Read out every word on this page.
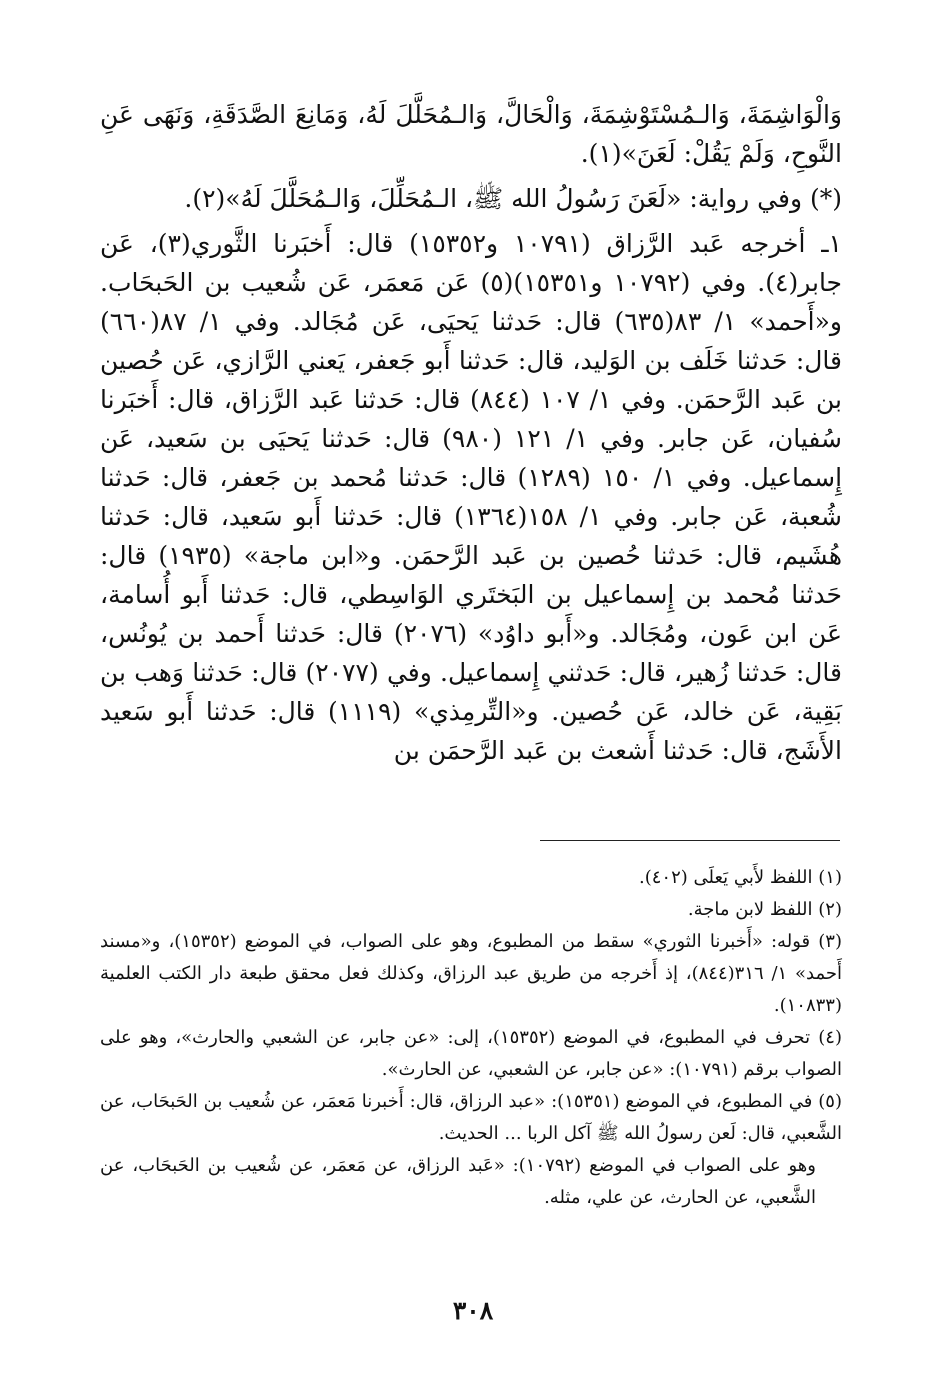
وَالْوَاشِمَةَ، وَالـمُسْتَوْشِمَةَ، وَالْحَالَّ، وَالـمُحَلَّلَ لَهُ، وَمَانِعَ الصَّدَقَةِ، وَنَهَى عَنِ النَّوحِ، وَلَمْ يَقُلْ: لَعَنَ»(١).

(*) وفي رواية: «لَعَنَ رَسُولُ الله ﷺ، الـمُحَلِّلَ، وَالـمُحَلَّلَ لَهُ»(٢).

١ـ أخرجه عَبد الرَّزاق (١٠٧٩١ و١٥٣٥٢) قال: أَخبَرنا الثَّوري(٣)، عَن جابر(٤). وفي (١٠٧٩٢ و١٥٣٥١)(٥) عَن مَعمَر، عَن شُعيب بن الحَبحَاب. و«أَحمد» ١/ ٨٣(٦٣٥) قال: حَدثنا يَحيَى، عَن مُجَالد. وفي ١/ ٨٧(٦٦٠) قال: حَدثنا خَلَف بن الوَليد، قال: حَدثنا أَبو جَعفر، يَعني الرَّازي، عَن حُصين بن عَبد الرَّحمَن. وفي ١/ ١٠٧ (٨٤٤) قال: حَدثنا عَبد الرَّزاق، قال: أَخبَرنا سُفيان، عَن جابر. وفي ١/ ١٢١ (٩٨٠) قال: حَدثنا يَحيَى بن سَعيد، عَن إِسماعيل. وفي ١/ ١٥٠ (١٢٨٩) قال: حَدثنا مُحمد بن جَعفر، قال: حَدثنا شُعبة، عَن جابر. وفي ١/ ١٥٨(١٣٦٤) قال: حَدثنا أَبو سَعيد، قال: حَدثنا هُشَيم، قال: حَدثنا حُصين بن عَبد الرَّحمَن. و«ابن ماجة» (١٩٣٥) قال: حَدثنا مُحمد بن إِسماعيل بن البَختَري الوَاسِطي، قال: حَدثنا أَبو أُسامة، عَن ابن عَون، ومُجَالد. و«أَبو داوُد» (٢٠٧٦) قال: حَدثنا أَحمد بن يُونُس، قال: حَدثنا زُهير، قال: حَدثني إِسماعيل. وفي (٢٠٧٧) قال: حَدثنا وَهب بن بَقِية، عَن خالد، عَن حُصين. و«التِّرمِذي» (١١١٩) قال: حَدثنا أَبو سَعيد الأَشَج، قال: حَدثنا أَشعث بن عَبد الرَّحمَن بن

(١) اللفظ لأَبي يَعلَى (٤٠٢).

(٢) اللفظ لابن ماجة.

(٣) قوله: «أَخبرنا الثوري» سقط من المطبوع، وهو على الصواب، في الموضع (١٥٣٥٢)، و«مسند أَحمد» ١/ ٣١٦(٨٤٤)، إذ أَخرجه من طريق عبد الرزاق، وكذلك فعل محقق طبعة دار الكتب العلمية (١٠٨٣٣).

(٤) تحرف في المطبوع، في الموضع (١٥٣٥٢)، إلى: «عن جابر، عن الشعبي والحارث»، وهو على الصواب برقم (١٠٧٩١): «عن جابر، عن الشعبي، عن الحارث».

(٥) في المطبوع، في الموضع (١٥٣٥١): «عبد الرزاق، قال: أَخبرنا مَعمَر، عن شُعيب بن الحَبحَاب، عن الشَّعبي، قال: لَعن رسولُ الله ﷺ آكل الربا ... الحديث.

وهو على الصواب في الموضع (١٠٧٩٢): «عَبد الرزاق، عن مَعمَر، عن شُعيب بن الحَبحَاب، عن الشَّعبي، عن الحارث، عن علي، مثله.

٣٠٨
